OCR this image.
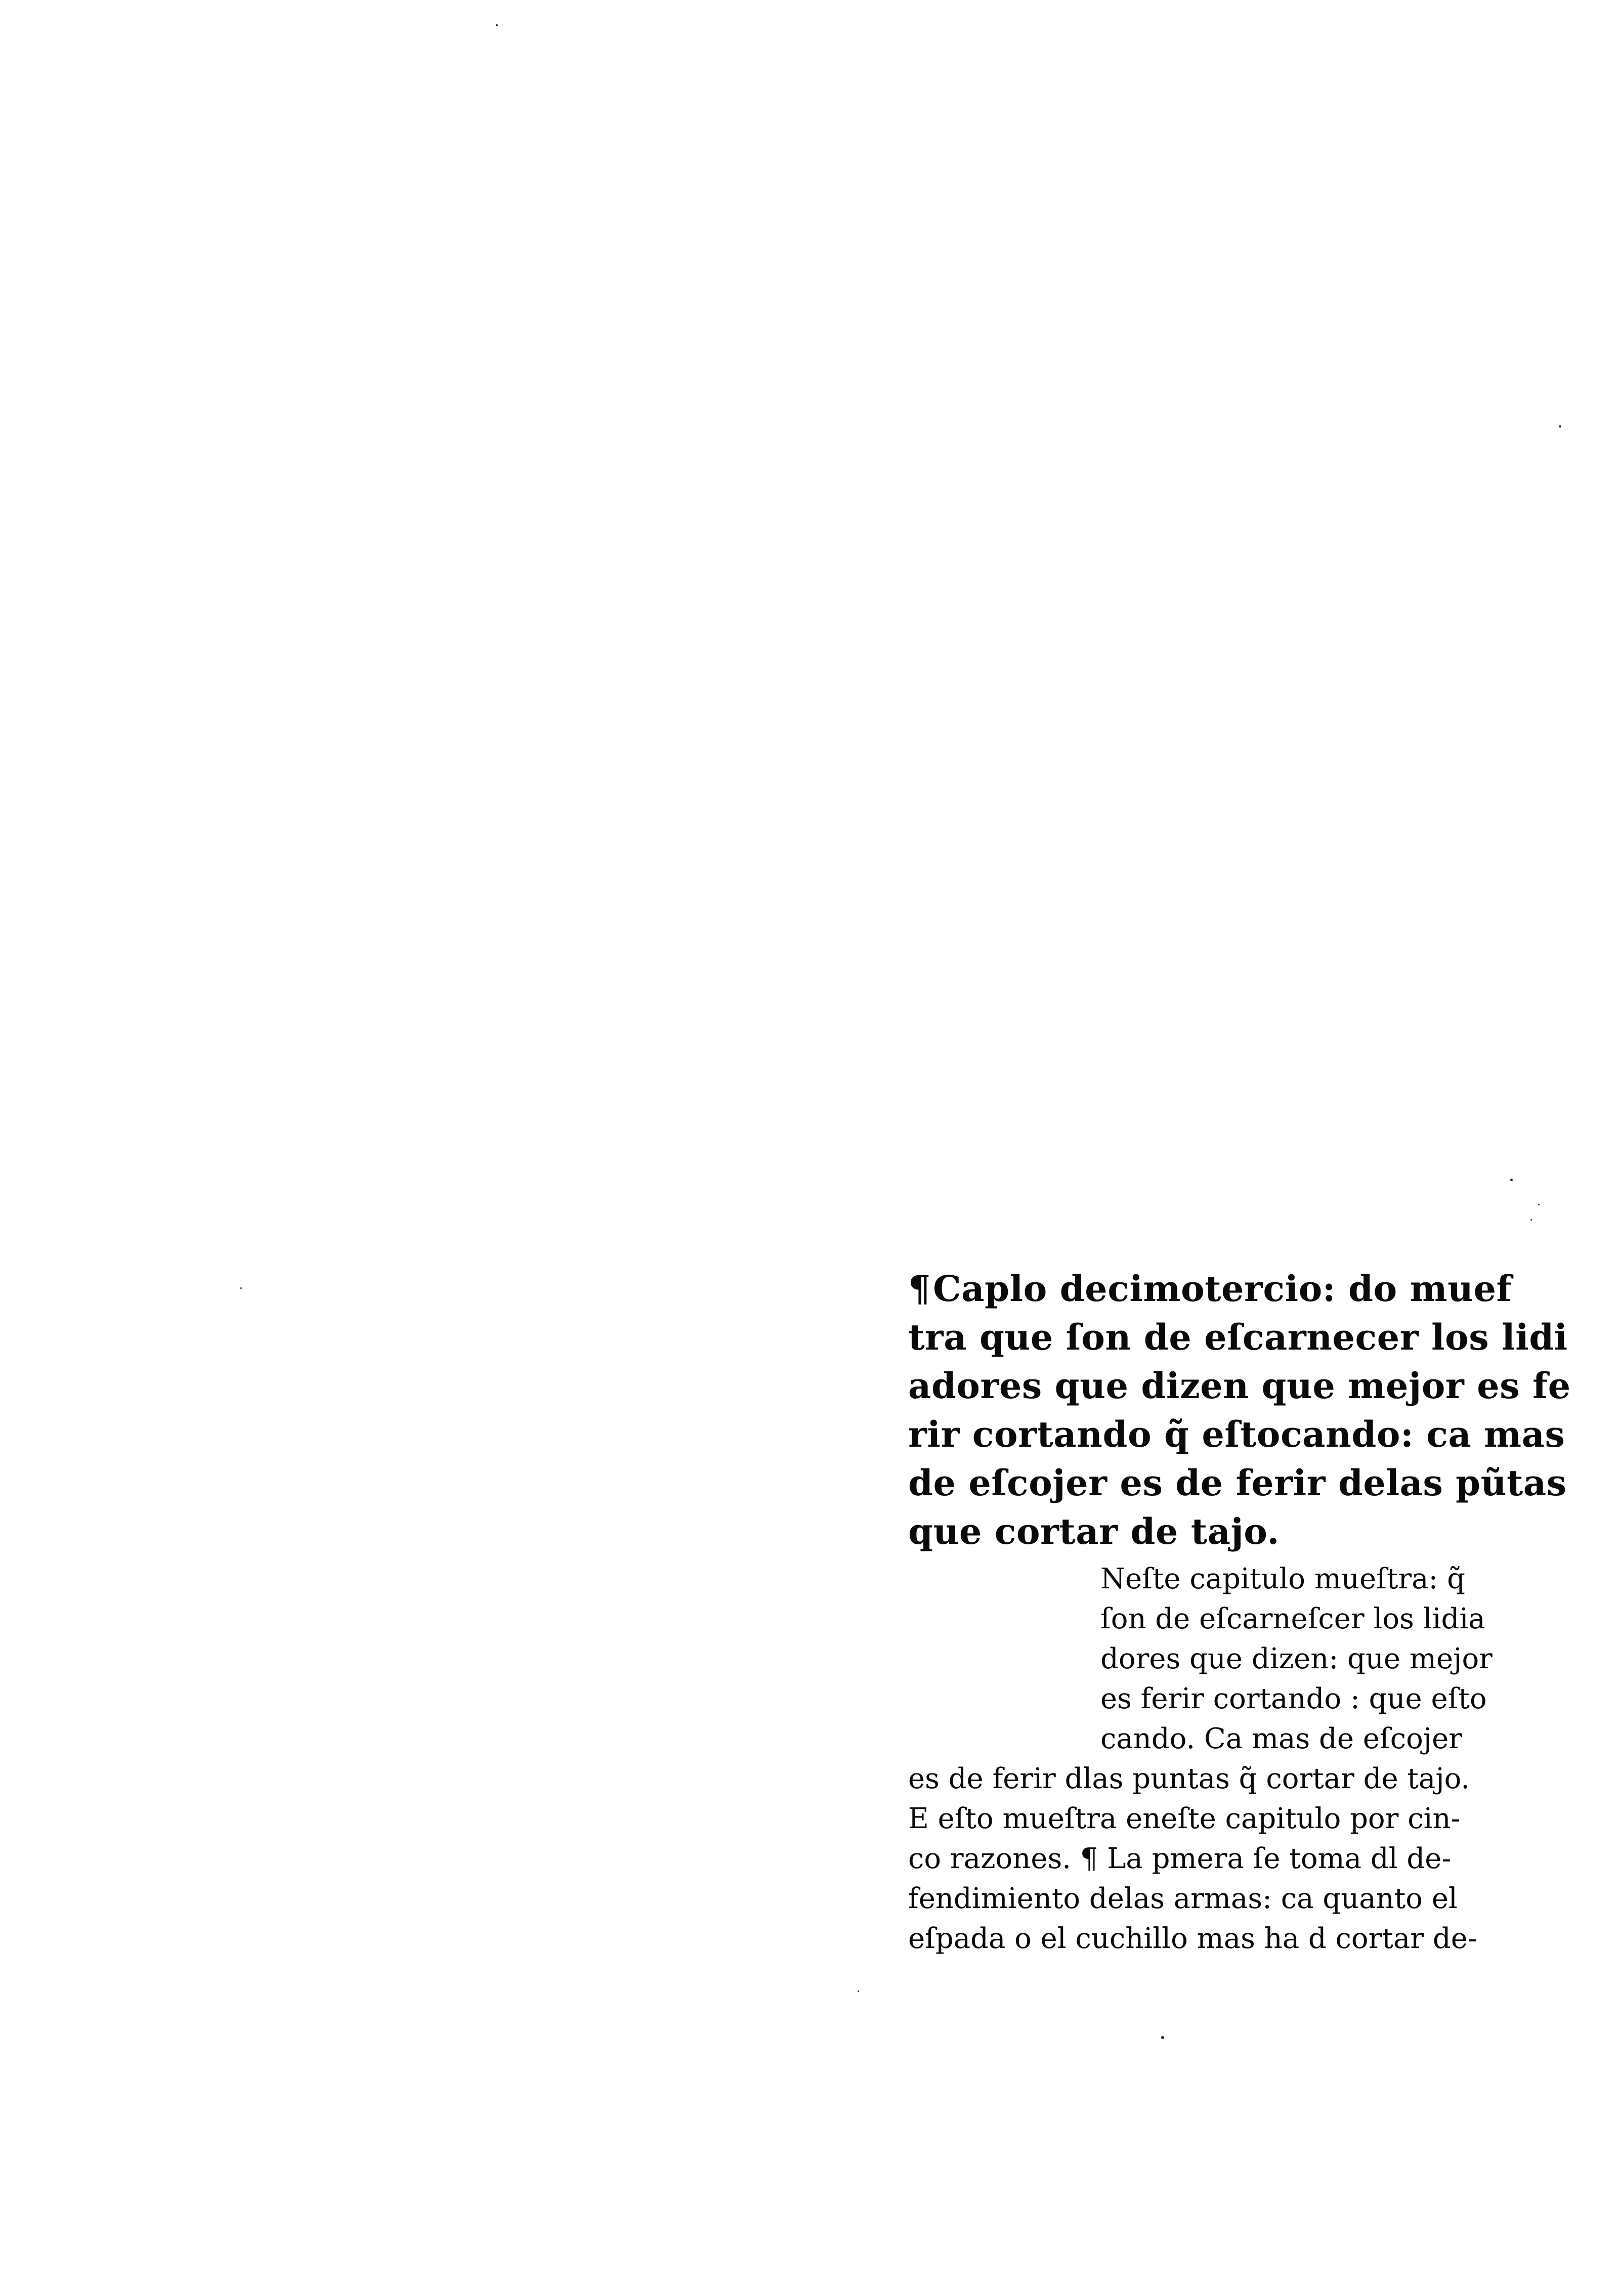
¶Caplo decimotercio: do muef
tra que ſon de eſcarnecer los lidi
adores que dizen que mejor es fe
rir cortando q̃ eſtocando: ca mas
de eſcojer es de ferir delas pũtas
que cortar de tajo.
Neſte capitulo mueſtra: q̃
ſon de eſcarneſcer los lidia
dores que dizen: que mejor
es ferir cortando : que eſto
cando. Ca mas de eſcojer
es de ferir dlas puntas q̃ cortar de tajo.
E eſto mueſtra eneſte capitulo por cin-
co razones. ¶ La pmera ſe toma dl de-
fendimiento delas armas: ca quanto el
eſpada o el cuchillo mas ha d cortar de-
